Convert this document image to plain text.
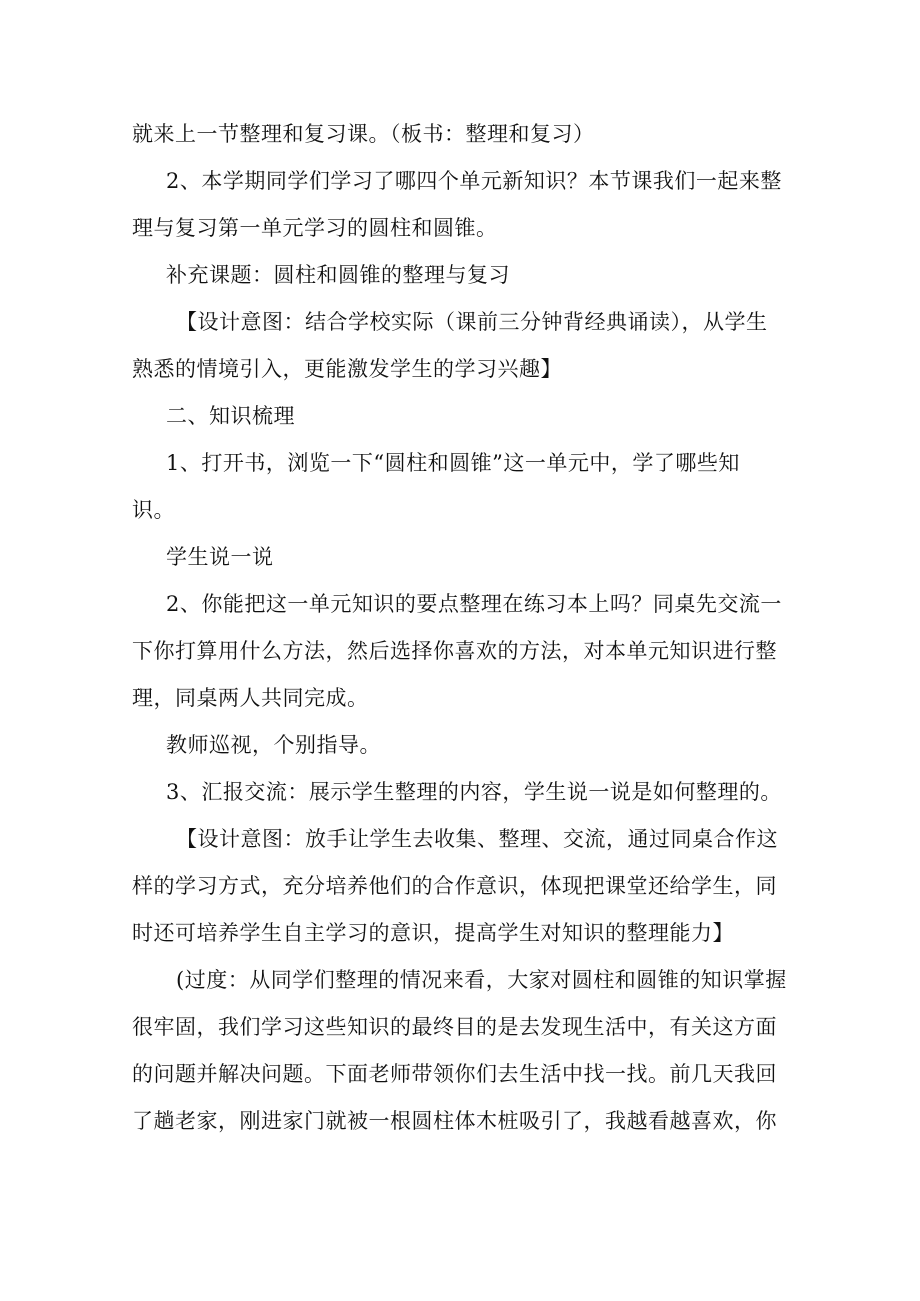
就来上一节整理和复习课。（板书：整理和复习）

2、本学期同学们学习了哪四个单元新知识？本节课我们一起来整
理与复习第一单元学习的圆柱和圆锥。

补充课题：圆柱和圆锥的整理与复习

【设计意图：结合学校实际（课前三分钟背经典诵读），从学生
熟悉的情境引入，更能激发学生的学习兴趣】

二、知识梳理

1、打开书，浏览一下“圆柱和圆锥”这一单元中，学了哪些知
识。

学生说一说

2、你能把这一单元知识的要点整理在练习本上吗？同桌先交流一
下你打算用什么方法，然后选择你喜欢的方法，对本单元知识进行整
理，同桌两人共同完成。

教师巡视，个别指导。

3、汇报交流：展示学生整理的内容，学生说一说是如何整理的。

【设计意图：放手让学生去收集、整理、交流，通过同桌合作这
样的学习方式，充分培养他们的合作意识，体现把课堂还给学生，同
时还可培养学生自主学习的意识，提高学生对知识的整理能力】

(过度：从同学们整理的情况来看，大家对圆柱和圆锥的知识掌握
很牢固，我们学习这些知识的最终目的是去发现生活中，有关这方面
的问题并解决问题。下面老师带领你们去生活中找一找。前几天我回
了趟老家，刚进家门就被一根圆柱体木桩吸引了，我越看越喜欢，你
